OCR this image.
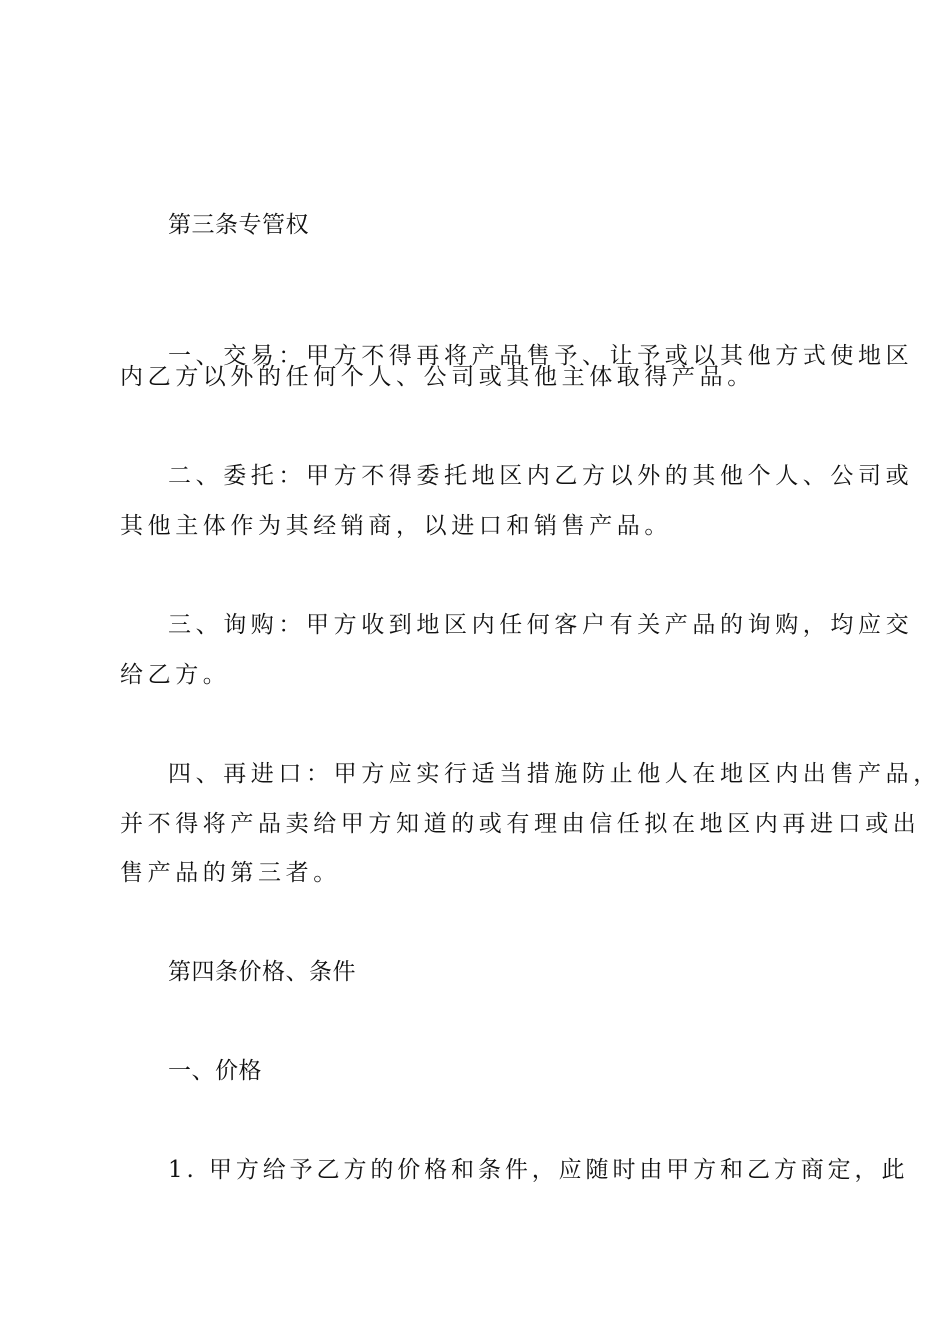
第三条专管权
一、交易：甲方不得再将产品售予、让予或以其他方式使地区
内乙方以外的任何个人、公司或其他主体取得产品。
二、委托：甲方不得委托地区内乙方以外的其他个人、公司或
其他主体作为其经销商，以进口和销售产品。
三、询购：甲方收到地区内任何客户有关产品的询购，均应交
给乙方。
四、再进口：甲方应实行适当措施防止他人在地区内出售产品，
并不得将产品卖给甲方知道的或有理由信任拟在地区内再进口或出
售产品的第三者。
第四条价格、条件
一、价格
1. 甲方给予乙方的价格和条件，应随时由甲方和乙方商定，此
